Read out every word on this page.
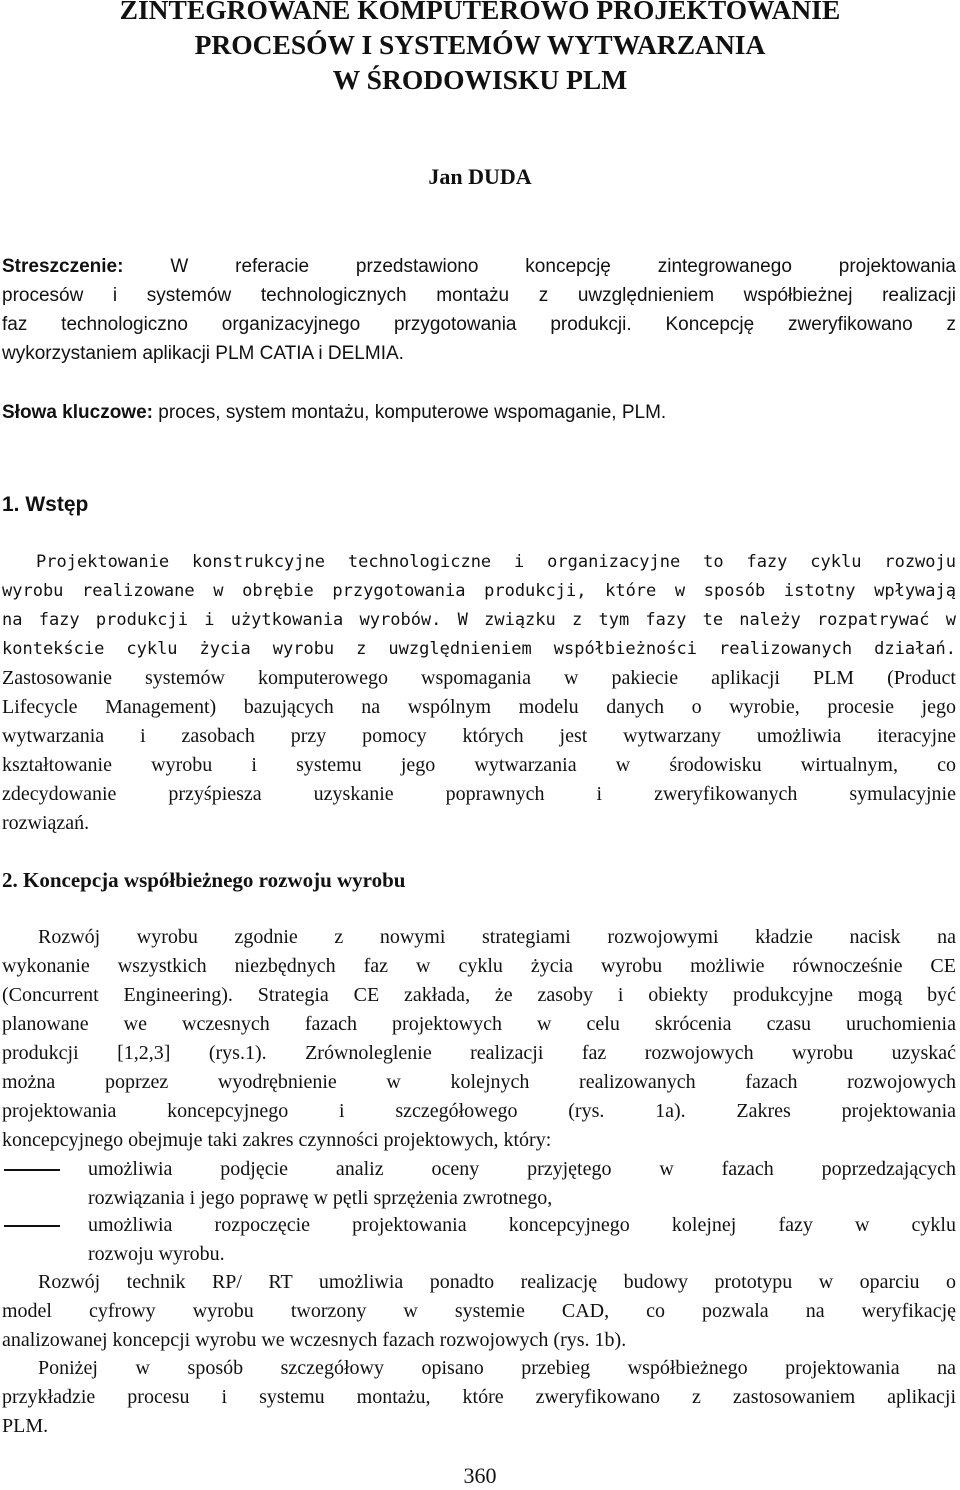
ZINTEGROWANE KOMPUTEROWO PROJEKTOWANIE
PROCESÓW I SYSTEMÓW WYTWARZANIA
W ŚRODOWISKU PLM
Jan DUDA
Streszczenie: W referacie przedstawiono koncepcję zintegrowanego projektowania
procesów i systemów technologicznych montażu z uwzględnieniem współbieżnej realizacji
faz technologiczno organizacyjnego przygotowania produkcji. Koncepcję zweryfikowano z
wykorzystaniem aplikacji PLM CATIA i DELMIA.
Słowa kluczowe: proces, system montażu, komputerowe wspomaganie, PLM.
1. Wstęp
Projektowanie konstrukcyjne technologiczne i organizacyjne to fazy cyklu rozwoju
wyrobu realizowane w obrębie przygotowania produkcji, które w sposób istotny wpływają
na fazy produkcji i użytkowania wyrobów. W związku z tym fazy te należy rozpatrywać w
kontekście cyklu życia wyrobu z uwzględnieniem współbieżności realizowanych działań.
Zastosowanie systemów komputerowego wspomagania w pakiecie aplikacji PLM (Product
Lifecycle Management) bazujących na wspólnym modelu danych o wyrobie, procesie jego
wytwarzania i zasobach przy pomocy których jest wytwarzany umożliwia iteracyjne
kształtowanie wyrobu i systemu jego wytwarzania w środowisku wirtualnym, co
zdecydowanie przyśpiesza uzyskanie poprawnych i zweryfikowanych symulacyjnie
rozwiązań.
2. Koncepcja współbieżnego rozwoju wyrobu
Rozwój wyrobu zgodnie z nowymi strategiami rozwojowymi kładzie nacisk na
wykonanie wszystkich niezbędnych faz w cyklu życia wyrobu możliwie równocześnie CE
(Concurrent Engineering). Strategia CE zakłada, że zasoby i obiekty produkcyjne mogą być
planowane we wczesnych fazach projektowych w celu skrócenia czasu uruchomienia
produkcji [1,2,3] (rys.1). Zrównoleglenie realizacji faz rozwojowych wyrobu uzyskać
można poprzez wyodrębnienie w kolejnych realizowanych fazach rozwojowych
projektowania koncepcyjnego i szczegółowego (rys. 1a). Zakres projektowania
koncepcyjnego obejmuje taki zakres czynności projektowych, który:
umożliwia podjęcie analiz oceny przyjętego w fazach poprzedzających
rozwiązania i jego poprawę w pętli sprzężenia zwrotnego,
umożliwia rozpoczęcie projektowania koncepcyjnego kolejnej fazy w cyklu
rozwoju wyrobu.
Rozwój technik RP/ RT umożliwia ponadto realizację budowy prototypu w oparciu o
model cyfrowy wyrobu tworzony w systemie CAD, co pozwala na weryfikację
analizowanej koncepcji wyrobu we wczesnych fazach rozwojowych (rys. 1b).
Poniżej w sposób szczegółowy opisano przebieg współbieżnego projektowania na
przykładzie procesu i systemu montażu, które zweryfikowano z zastosowaniem aplikacji
PLM.
360
